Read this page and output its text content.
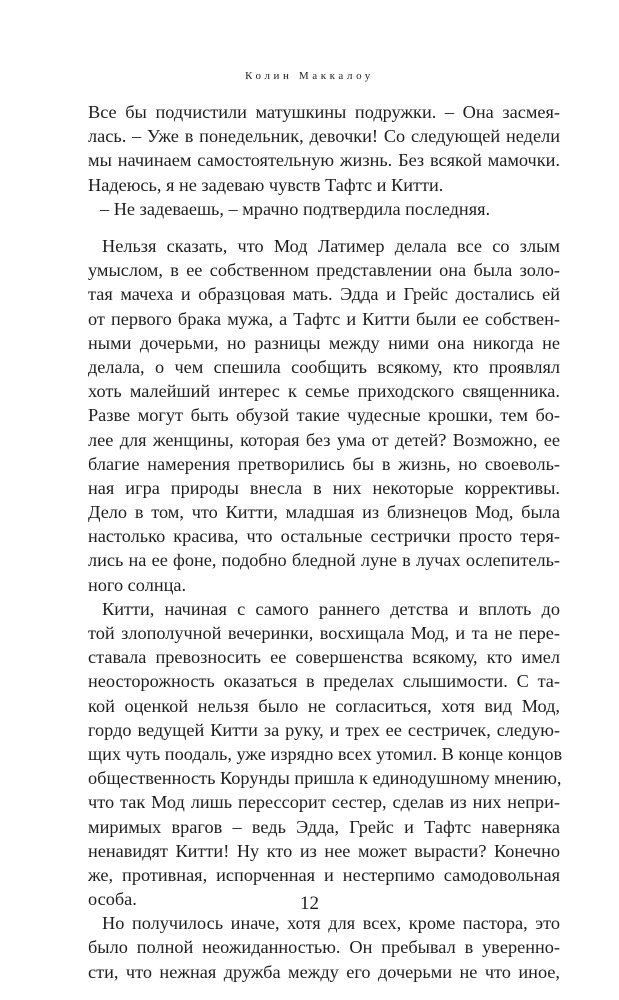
Колин Маккалоу
Все бы подчистили матушкины подружки. – Она засмея-
лась. – Уже в понедельник, девочки! Со следующей недели
мы начинаем самостоятельную жизнь. Без всякой мамочки.
Надеюсь, я не задеваю чувств Тафтс и Китти.
– Не задеваешь, – мрачно подтвердила последняя.
Нельзя сказать, что Мод Латимер делала все со злым
умыслом, в ее собственном представлении она была золо-
тая мачеха и образцовая мать. Эдда и Грейс достались ей
от первого брака мужа, а Тафтс и Китти были ее собствен-
ными дочерьми, но разницы между ними она никогда не
делала, о чем спешила сообщить всякому, кто проявлял
хоть малейший интерес к семье приходского священника.
Разве могут быть обузой такие чудесные крошки, тем бо-
лее для женщины, которая без ума от детей? Возможно, ее
благие намерения претворились бы в жизнь, но своеволь-
ная игра природы внесла в них некоторые коррективы.
Дело в том, что Китти, младшая из близнецов Мод, была
настолько красива, что остальные сестрички просто теря-
лись на ее фоне, подобно бледной луне в лучах ослепитель-
ного солнца.
Китти, начиная с самого раннего детства и вплоть до
той злополучной вечеринки, восхищала Мод, и та не пере-
ставала превозносить ее совершенства всякому, кто имел
неосторожность оказаться в пределах слышимости. С та-
кой оценкой нельзя было не согласиться, хотя вид Мод,
гордо ведущей Китти за руку, и трех ее сестричек, следую-
щих чуть поодаль, уже изрядно всех утомил. В конце концов
общественность Корунды пришла к единодушному мнению,
что так Мод лишь перессорит сестер, сделав из них непри-
миримых врагов – ведь Эдда, Грейс и Тафтс наверняка
ненавидят Китти! Ну кто из нее может вырасти? Конечно
же, противная, испорченная и нестерпимо самодовольная
особа.
Но получилось иначе, хотя для всех, кроме пастора, это
было полной неожиданностью. Он пребывал в уверенно-
сти, что нежная дружба между его дочерьми не что иное,
12
